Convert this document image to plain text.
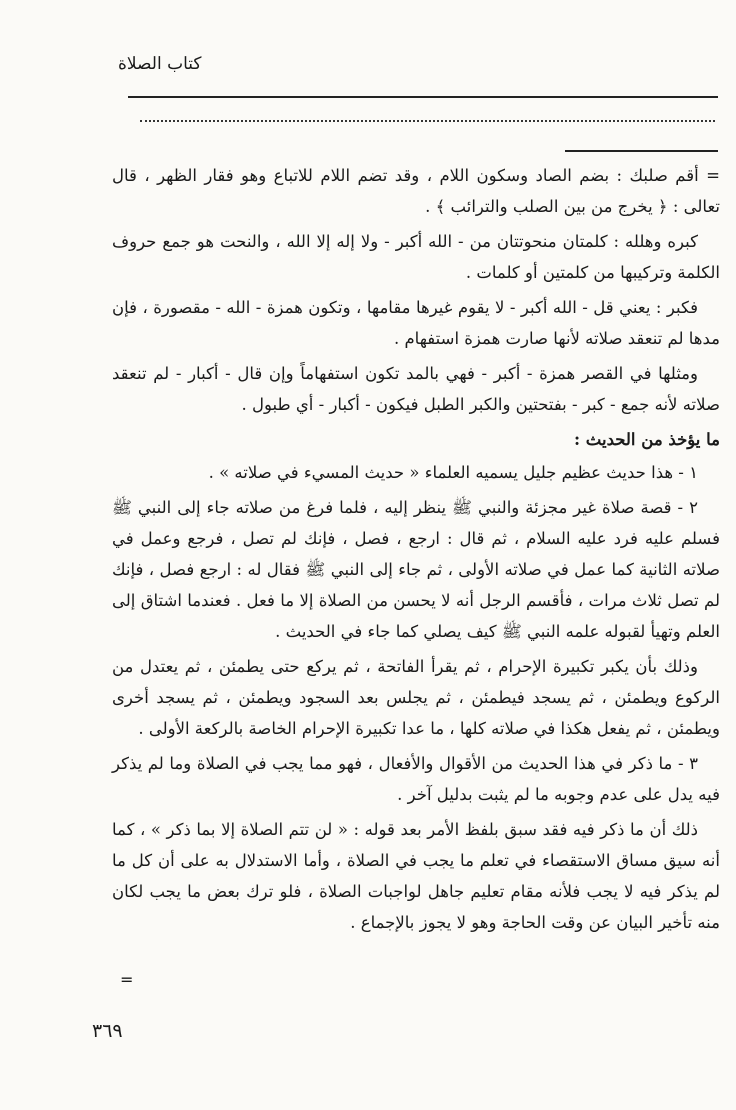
كتاب الصلاة

= أقم صلبك : بضم الصاد وسكون اللام ، وقد تضم اللام للاتباع وهو فقار الظهر ، قال تعالى : ﴿ يخرج من بين الصلب والترائب ﴾ .

كبره وهلله : كلمتان منحوتتان من - الله أكبر - ولا إله إلا الله ، والنحت هو جمع حروف الكلمة وتركيبها من كلمتين أو كلمات .

فكبر : يعني قل - الله أكبر - لا يقوم غيرها مقامها ، وتكون همزة - الله - مقصورة ، فإن مدها لم تنعقد صلاته لأنها صارت همزة استفهام .

ومثلها في القصر همزة - أكبر - فهي بالمد تكون استفهاماً وإن قال - أكبار - لم تنعقد صلاته لأنه جمع - كبر - بفتحتين والكبر الطبل فيكون - أكبار - أي طبول .

ما يؤخذ من الحديث :

١ - هذا حديث عظيم جليل يسميه العلماء « حديث المسيء في صلاته » .

٢ - قصة صلاة غير مجزئة والنبي ﷺ ينظر إليه ، فلما فرغ من صلاته جاء إلى النبي ﷺ فسلم عليه فرد عليه السلام ، ثم قال : ارجع ، فصل ، فإنك لم تصل ، فرجع وعمل في صلاته الثانية كما عمل في صلاته الأولى ، ثم جاء إلى النبي ﷺ فقال له : ارجع فصل ، فإنك لم تصل ثلاث مرات ، فأقسم الرجل أنه لا يحسن من الصلاة إلا ما فعل . فعندما اشتاق إلى العلم وتهيأ لقبوله علمه النبي ﷺ كيف يصلي كما جاء في الحديث .

وذلك بأن يكبر تكبيرة الإحرام ، ثم يقرأ الفاتحة ، ثم يركع حتى يطمئن ، ثم يعتدل من الركوع ويطمئن ، ثم يسجد فيطمئن ، ثم يجلس بعد السجود ويطمئن ، ثم يسجد أخرى ويطمئن ، ثم يفعل هكذا في صلاته كلها ، ما عدا تكبيرة الإحرام الخاصة بالركعة الأولى .

٣ - ما ذكر في هذا الحديث من الأقوال والأفعال ، فهو مما يجب في الصلاة وما لم يذكر فيه يدل على عدم وجوبه ما لم يثبت بدليل آخر .

ذلك أن ما ذكر فيه فقد سبق بلفظ الأمر بعد قوله : « لن تتم الصلاة إلا بما ذكر » ، كما أنه سيق مساق الاستقصاء في تعلم ما يجب في الصلاة ، وأما الاستدلال به على أن كل ما لم يذكر فيه لا يجب فلأنه مقام تعليم جاهل لواجبات الصلاة ، فلو ترك بعض ما يجب لكان منه تأخير البيان عن وقت الحاجة وهو لا يجوز بالإجماع .

=
٣٦٩
